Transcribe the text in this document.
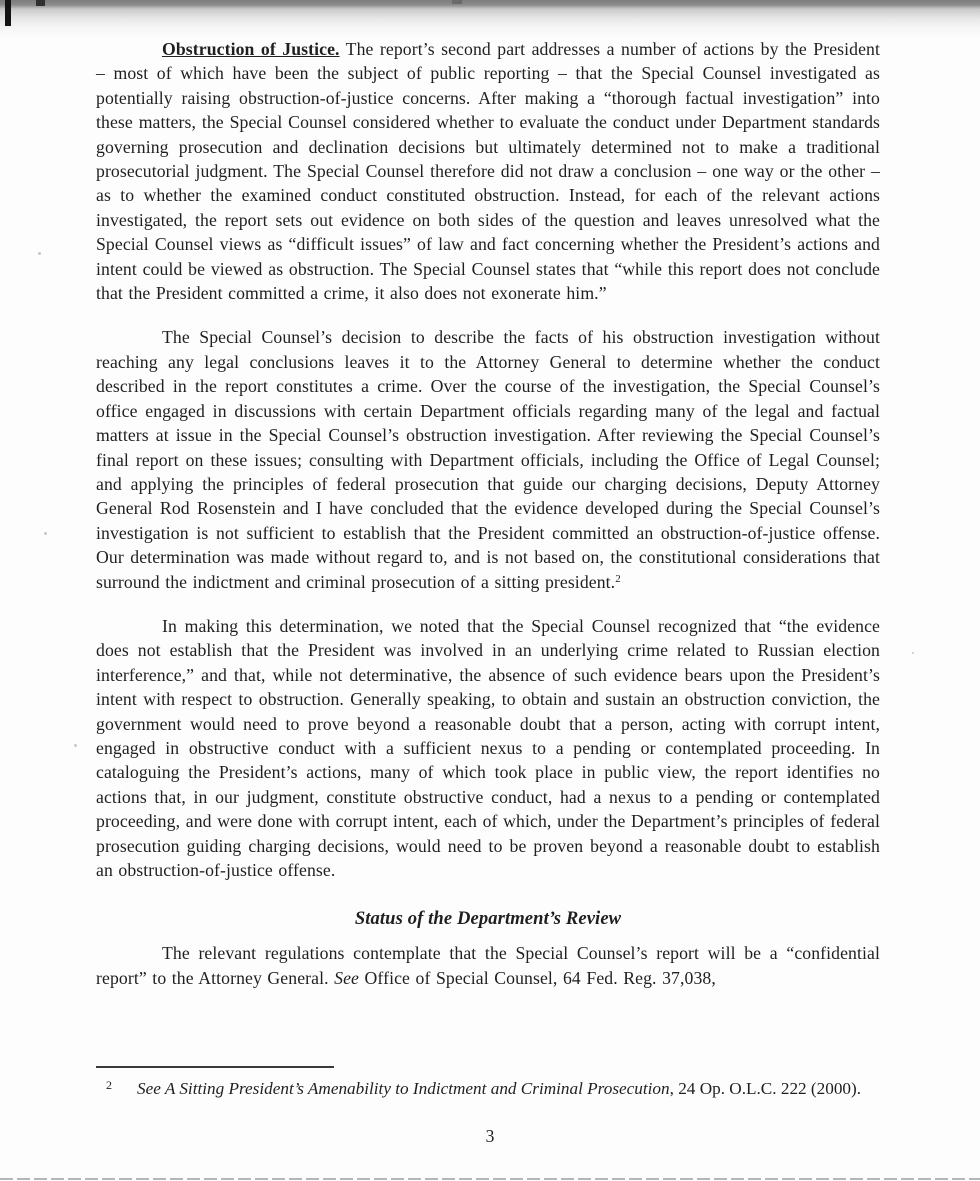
Obstruction of Justice. The report’s second part addresses a number of actions by the President – most of which have been the subject of public reporting – that the Special Counsel investigated as potentially raising obstruction-of-justice concerns. After making a “thorough factual investigation” into these matters, the Special Counsel considered whether to evaluate the conduct under Department standards governing prosecution and declination decisions but ultimately determined not to make a traditional prosecutorial judgment. The Special Counsel therefore did not draw a conclusion – one way or the other – as to whether the examined conduct constituted obstruction. Instead, for each of the relevant actions investigated, the report sets out evidence on both sides of the question and leaves unresolved what the Special Counsel views as “difficult issues” of law and fact concerning whether the President’s actions and intent could be viewed as obstruction. The Special Counsel states that “while this report does not conclude that the President committed a crime, it also does not exonerate him.”

The Special Counsel’s decision to describe the facts of his obstruction investigation without reaching any legal conclusions leaves it to the Attorney General to determine whether the conduct described in the report constitutes a crime. Over the course of the investigation, the Special Counsel’s office engaged in discussions with certain Department officials regarding many of the legal and factual matters at issue in the Special Counsel’s obstruction investigation. After reviewing the Special Counsel’s final report on these issues; consulting with Department officials, including the Office of Legal Counsel; and applying the principles of federal prosecution that guide our charging decisions, Deputy Attorney General Rod Rosenstein and I have concluded that the evidence developed during the Special Counsel’s investigation is not sufficient to establish that the President committed an obstruction-of-justice offense. Our determination was made without regard to, and is not based on, the constitutional considerations that surround the indictment and criminal prosecution of a sitting president.$^2$

In making this determination, we noted that the Special Counsel recognized that “the evidence does not establish that the President was involved in an underlying crime related to Russian election interference,” and that, while not determinative, the absence of such evidence bears upon the President’s intent with respect to obstruction. Generally speaking, to obtain and sustain an obstruction conviction, the government would need to prove beyond a reasonable doubt that a person, acting with corrupt intent, engaged in obstructive conduct with a sufficient nexus to a pending or contemplated proceeding. In cataloguing the President’s actions, many of which took place in public view, the report identifies no actions that, in our judgment, constitute obstructive conduct, had a nexus to a pending or contemplated proceeding, and were done with corrupt intent, each of which, under the Department’s principles of federal prosecution guiding charging decisions, would need to be proven beyond a reasonable doubt to establish an obstruction-of-justice offense.

Status of the Department’s Review

The relevant regulations contemplate that the Special Counsel’s report will be a “confidential report” to the Attorney General. See Office of Special Counsel, 64 Fed. Reg. 37,038,

2	See A Sitting President’s Amenability to Indictment and Criminal Prosecution, 24 Op. O.L.C. 222 (2000).
3
